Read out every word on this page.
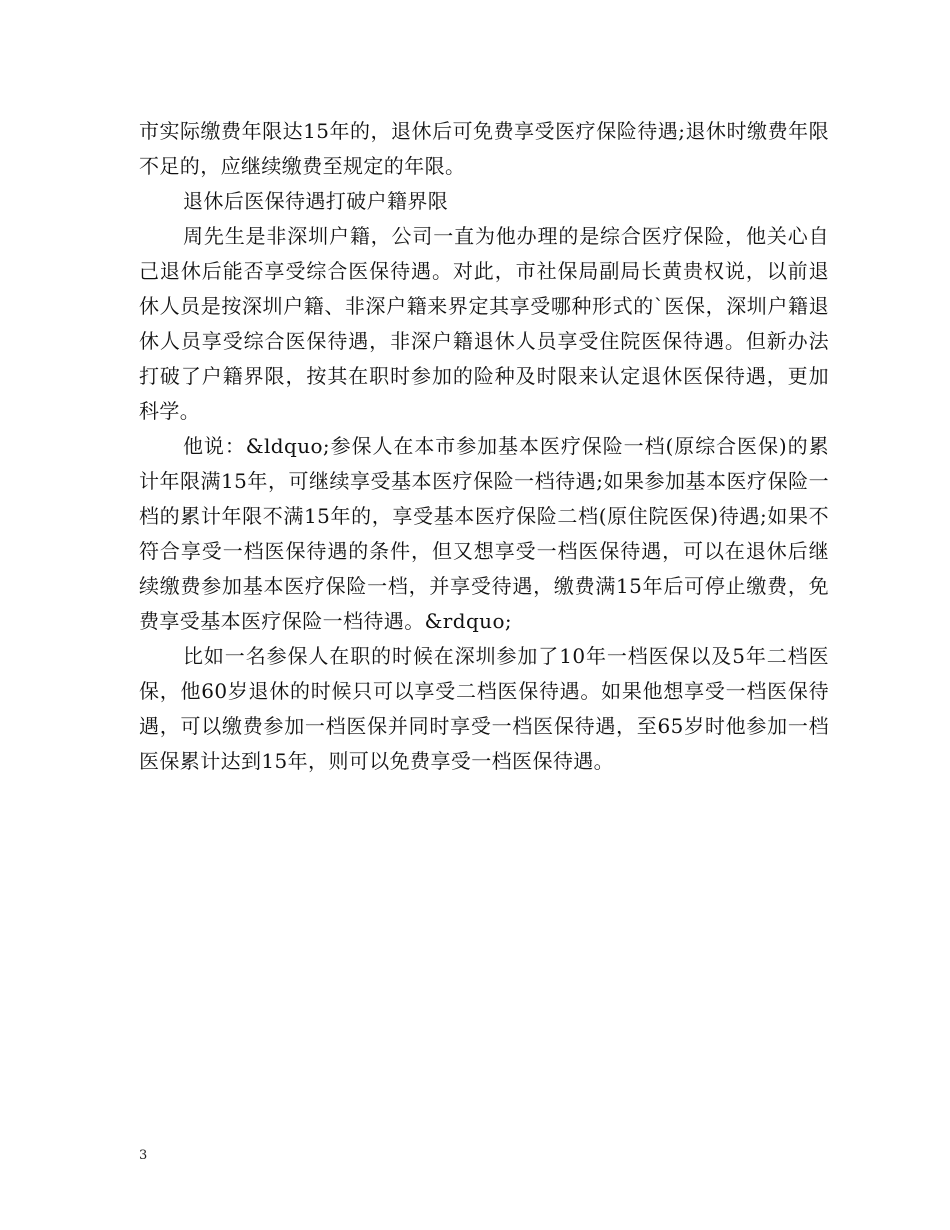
市实际缴费年限达15年的，退休后可免费享受医疗保险待遇;退休时缴费年限不足的，应继续缴费至规定的年限。

退休后医保待遇打破户籍界限

周先生是非深圳户籍，公司一直为他办理的是综合医疗保险，他关心自己退休后能否享受综合医保待遇。对此，市社保局副局长黄贵权说，以前退休人员是按深圳户籍、非深户籍来界定其享受哪种形式的`医保，深圳户籍退休人员享受综合医保待遇，非深户籍退休人员享受住院医保待遇。但新办法打破了户籍界限，按其在职时参加的险种及时限来认定退休医保待遇，更加科学。

他说：&ldquo;参保人在本市参加基本医疗保险一档(原综合医保)的累计年限满15年，可继续享受基本医疗保险一档待遇;如果参加基本医疗保险一档的累计年限不满15年的，享受基本医疗保险二档(原住院医保)待遇;如果不符合享受一档医保待遇的条件，但又想享受一档医保待遇，可以在退休后继续缴费参加基本医疗保险一档，并享受待遇，缴费满15年后可停止缴费，免费享受基本医疗保险一档待遇。&rdquo;

比如一名参保人在职的时候在深圳参加了10年一档医保以及5年二档医保，他60岁退休的时候只可以享受二档医保待遇。如果他想享受一档医保待遇，可以缴费参加一档医保并同时享受一档医保待遇，至65岁时他参加一档医保累计达到15年，则可以免费享受一档医保待遇。

3
